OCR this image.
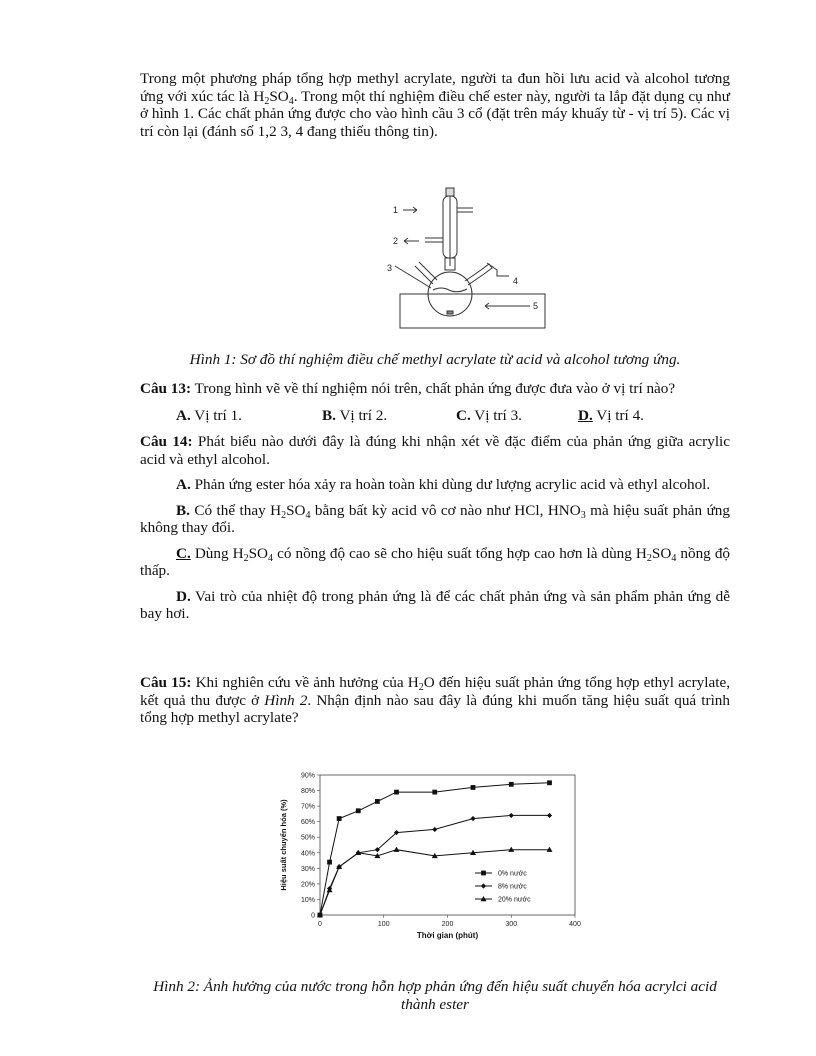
Trong một phương pháp tổng hợp methyl acrylate, người ta đun hồi lưu acid và alcohol tương ứng với xúc tác là $H_2SO_4$. Trong một thí nghiệm điều chế ester này, người ta lắp đặt dụng cụ như ở hình 1. Các chất phản ứng được cho vào hình cầu 3 cổ (đặt trên máy khuấy từ - vị trí 5). Các vị trí còn lại (đánh số 1,2 3, 4 đang thiếu thông tin).

1
2
3
4
5
Hình 1: Sơ đồ thí nghiệm điều chế methyl acrylate từ acid và alcohol tương ứng.

Câu 13: Trong hình vẽ về thí nghiệm nói trên, chất phản ứng được đưa vào ở vị trí nào?

A. Vị trí 1.	B. Vị trí 2.	C. Vị trí 3.	D. Vị trí 4.

Câu 14: Phát biểu nào dưới đây là đúng khi nhận xét về đặc điểm của phản ứng giữa acrylic acid và ethyl alcohol.

A. Phản ứng ester hóa xảy ra hoàn toàn khi dùng dư lượng acrylic acid và ethyl alcohol.

B. Có thể thay $H_2SO_4$ bằng bất kỳ acid vô cơ nào như HCl, $HNO_3$ mà hiệu suất phản ứng không thay đổi.

C. Dùng $H_2SO_4$ có nồng độ cao sẽ cho hiệu suất tổng hợp cao hơn là dùng $H_2SO_4$ nồng độ thấp.

D. Vai trò của nhiệt độ trong phản ứng là để các chất phản ứng và sản phẩm phản ứng dễ bay hơi.

Câu 15: Khi nghiên cứu về ảnh hưởng của $H_2O$ đến hiệu suất phản ứng tổng hợp ethyl acrylate, kết quả thu được ở Hình 2. Nhận định nào sau đây là đúng khi muốn tăng hiệu suất quá trình tổng hợp methyl acrylate?

0
10%
20%
30%
40%
50%
60%
70%
80%
90%
0	100	200	300	400
Thời gian (phút)
Hiệu suất chuyển hóa (%)	0% nước
8% nước
20% nước
Hình 2: Ảnh hưởng của nước trong hỗn hợp phản ứng đến hiệu suất chuyển hóa acrylci acid thành ester
